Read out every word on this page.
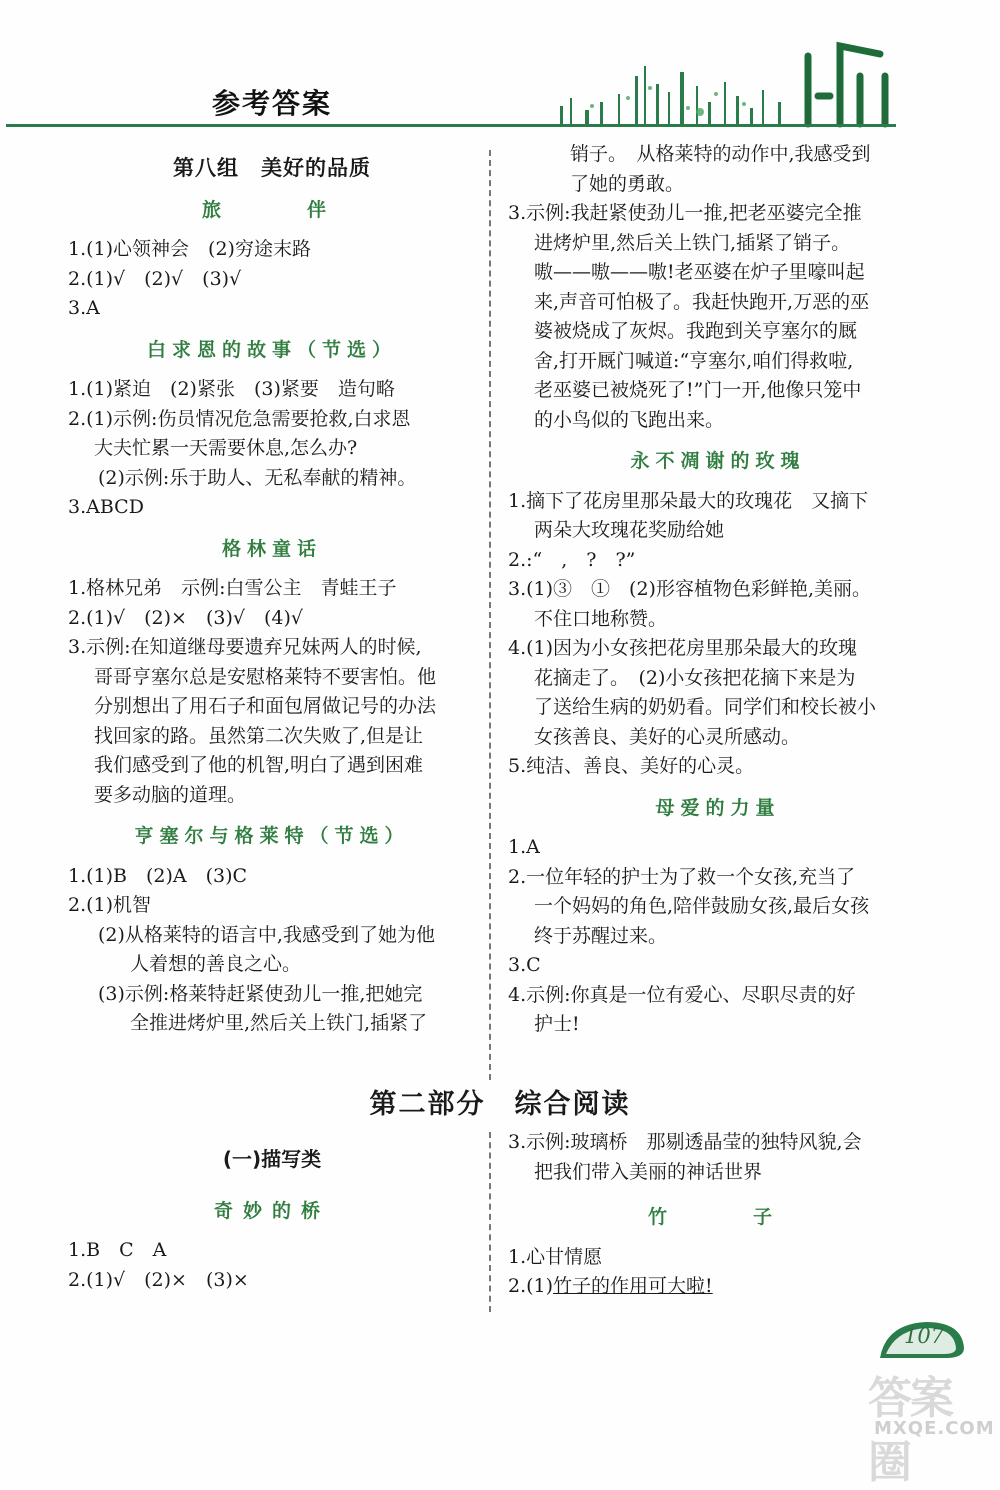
参考答案
第八组　美好的品质
旅　　伴
1.(1)心领神会　(2)穷途末路
2.(1)√　(2)√　(3)√
3.A
白求恩的故事（节选）
1.(1)紧迫　(2)紧张　(3)紧要　造句略
2.(1)示例:伤员情况危急需要抢救,白求恩
大夫忙累一天需要休息,怎么办?
(2)示例:乐于助人、无私奉献的精神。
3.ABCD
格林童话
1.格林兄弟　示例:白雪公主　青蛙王子
2.(1)√　(2)×　(3)√　(4)√
3.示例:在知道继母要遗弃兄妹两人的时候,
哥哥亨塞尔总是安慰格莱特不要害怕。他
分别想出了用石子和面包屑做记号的办法
找回家的路。虽然第二次失败了,但是让
我们感受到了他的机智,明白了遇到困难
要多动脑的道理。
亨塞尔与格莱特（节选）
1.(1)B　(2)A　(3)C
2.(1)机智
(2)从格莱特的语言中,我感受到了她为他
人着想的善良之心。
(3)示例:格莱特赶紧使劲儿一推,把她完
全推进烤炉里,然后关上铁门,插紧了
销子。　从格莱特的动作中,我感受到
了她的勇敢。
3.示例:我赶紧使劲儿一推,把老巫婆完全推
进烤炉里,然后关上铁门,插紧了销子。
嗷——嗷——嗷!老巫婆在炉子里嚎叫起
来,声音可怕极了。我赶快跑开,万恶的巫
婆被烧成了灰烬。我跑到关亨塞尔的厩
舍,打开厩门喊道:“亨塞尔,咱们得救啦,
老巫婆已被烧死了!”门一开,他像只笼中
的小鸟似的飞跑出来。
永不凋谢的玫瑰
1.摘下了花房里那朵最大的玫瑰花　又摘下
两朵大玫瑰花奖励给她
2.:“　,　?　?”
3.(1)③　①　(2)形容植物色彩鲜艳,美丽。
不住口地称赞。
4.(1)因为小女孩把花房里那朵最大的玫瑰
花摘走了。　(2)小女孩把花摘下来是为
了送给生病的奶奶看。同学们和校长被小
女孩善良、美好的心灵所感动。
5.纯洁、善良、美好的心灵。
母爱的力量
1.A
2.一位年轻的护士为了救一个女孩,充当了
一个妈妈的角色,陪伴鼓励女孩,最后女孩
终于苏醒过来。
3.C
4.示例:你真是一位有爱心、尽职尽责的好
护士!
第二部分　综合阅读
(一)描写类
奇妙的桥
1.B　C　A
2.(1)√　(2)×　(3)×
3.示例:玻璃桥　那剔透晶莹的独特风貌,会
把我们带入美丽的神话世界
竹　　子
1.心甘情愿
2.(1)竹子的作用可大啦!
107
答案圈
MXQE.COM
